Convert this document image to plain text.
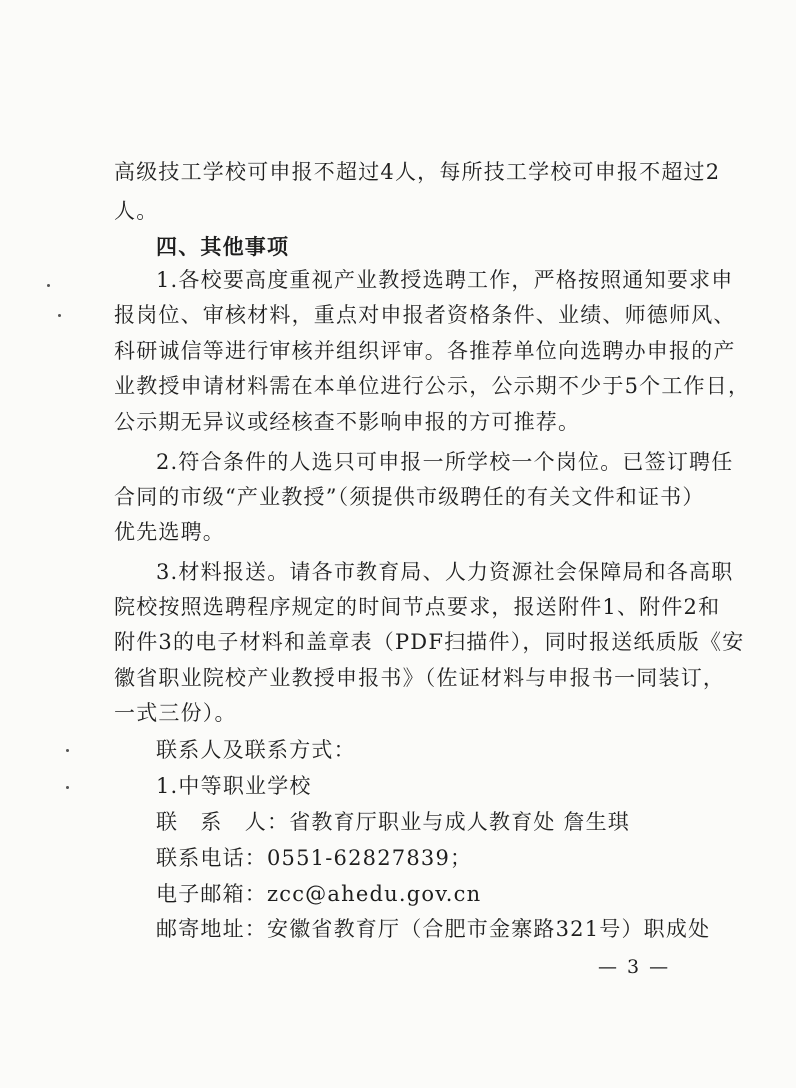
高级技工学校可申报不超过4人，每所技工学校可申报不超过2
人。
四、其他事项
1.各校要高度重视产业教授选聘工作，严格按照通知要求申
报岗位、审核材料，重点对申报者资格条件、业绩、师德师风、
科研诚信等进行审核并组织评审。各推荐单位向选聘办申报的产
业教授申请材料需在本单位进行公示，公示期不少于5个工作日，
公示期无异议或经核查不影响申报的方可推荐。
2.符合条件的人选只可申报一所学校一个岗位。已签订聘任
合同的市级“产业教授”（须提供市级聘任的有关文件和证书）
优先选聘。
3.材料报送。请各市教育局、人力资源社会保障局和各高职
院校按照选聘程序规定的时间节点要求，报送附件1、附件2和
附件3的电子材料和盖章表（PDF扫描件），同时报送纸质版《安
徽省职业院校产业教授申报书》（佐证材料与申报书一同装订，
一式三份）。
联系人及联系方式：
1.中等职业学校
联　系　人：省教育厅职业与成人教育处 詹生琪
联系电话：0551-62827839；
电子邮箱：zcc@ahedu.gov.cn
邮寄地址：安徽省教育厅（合肥市金寨路321号）职成处
— 3 —
